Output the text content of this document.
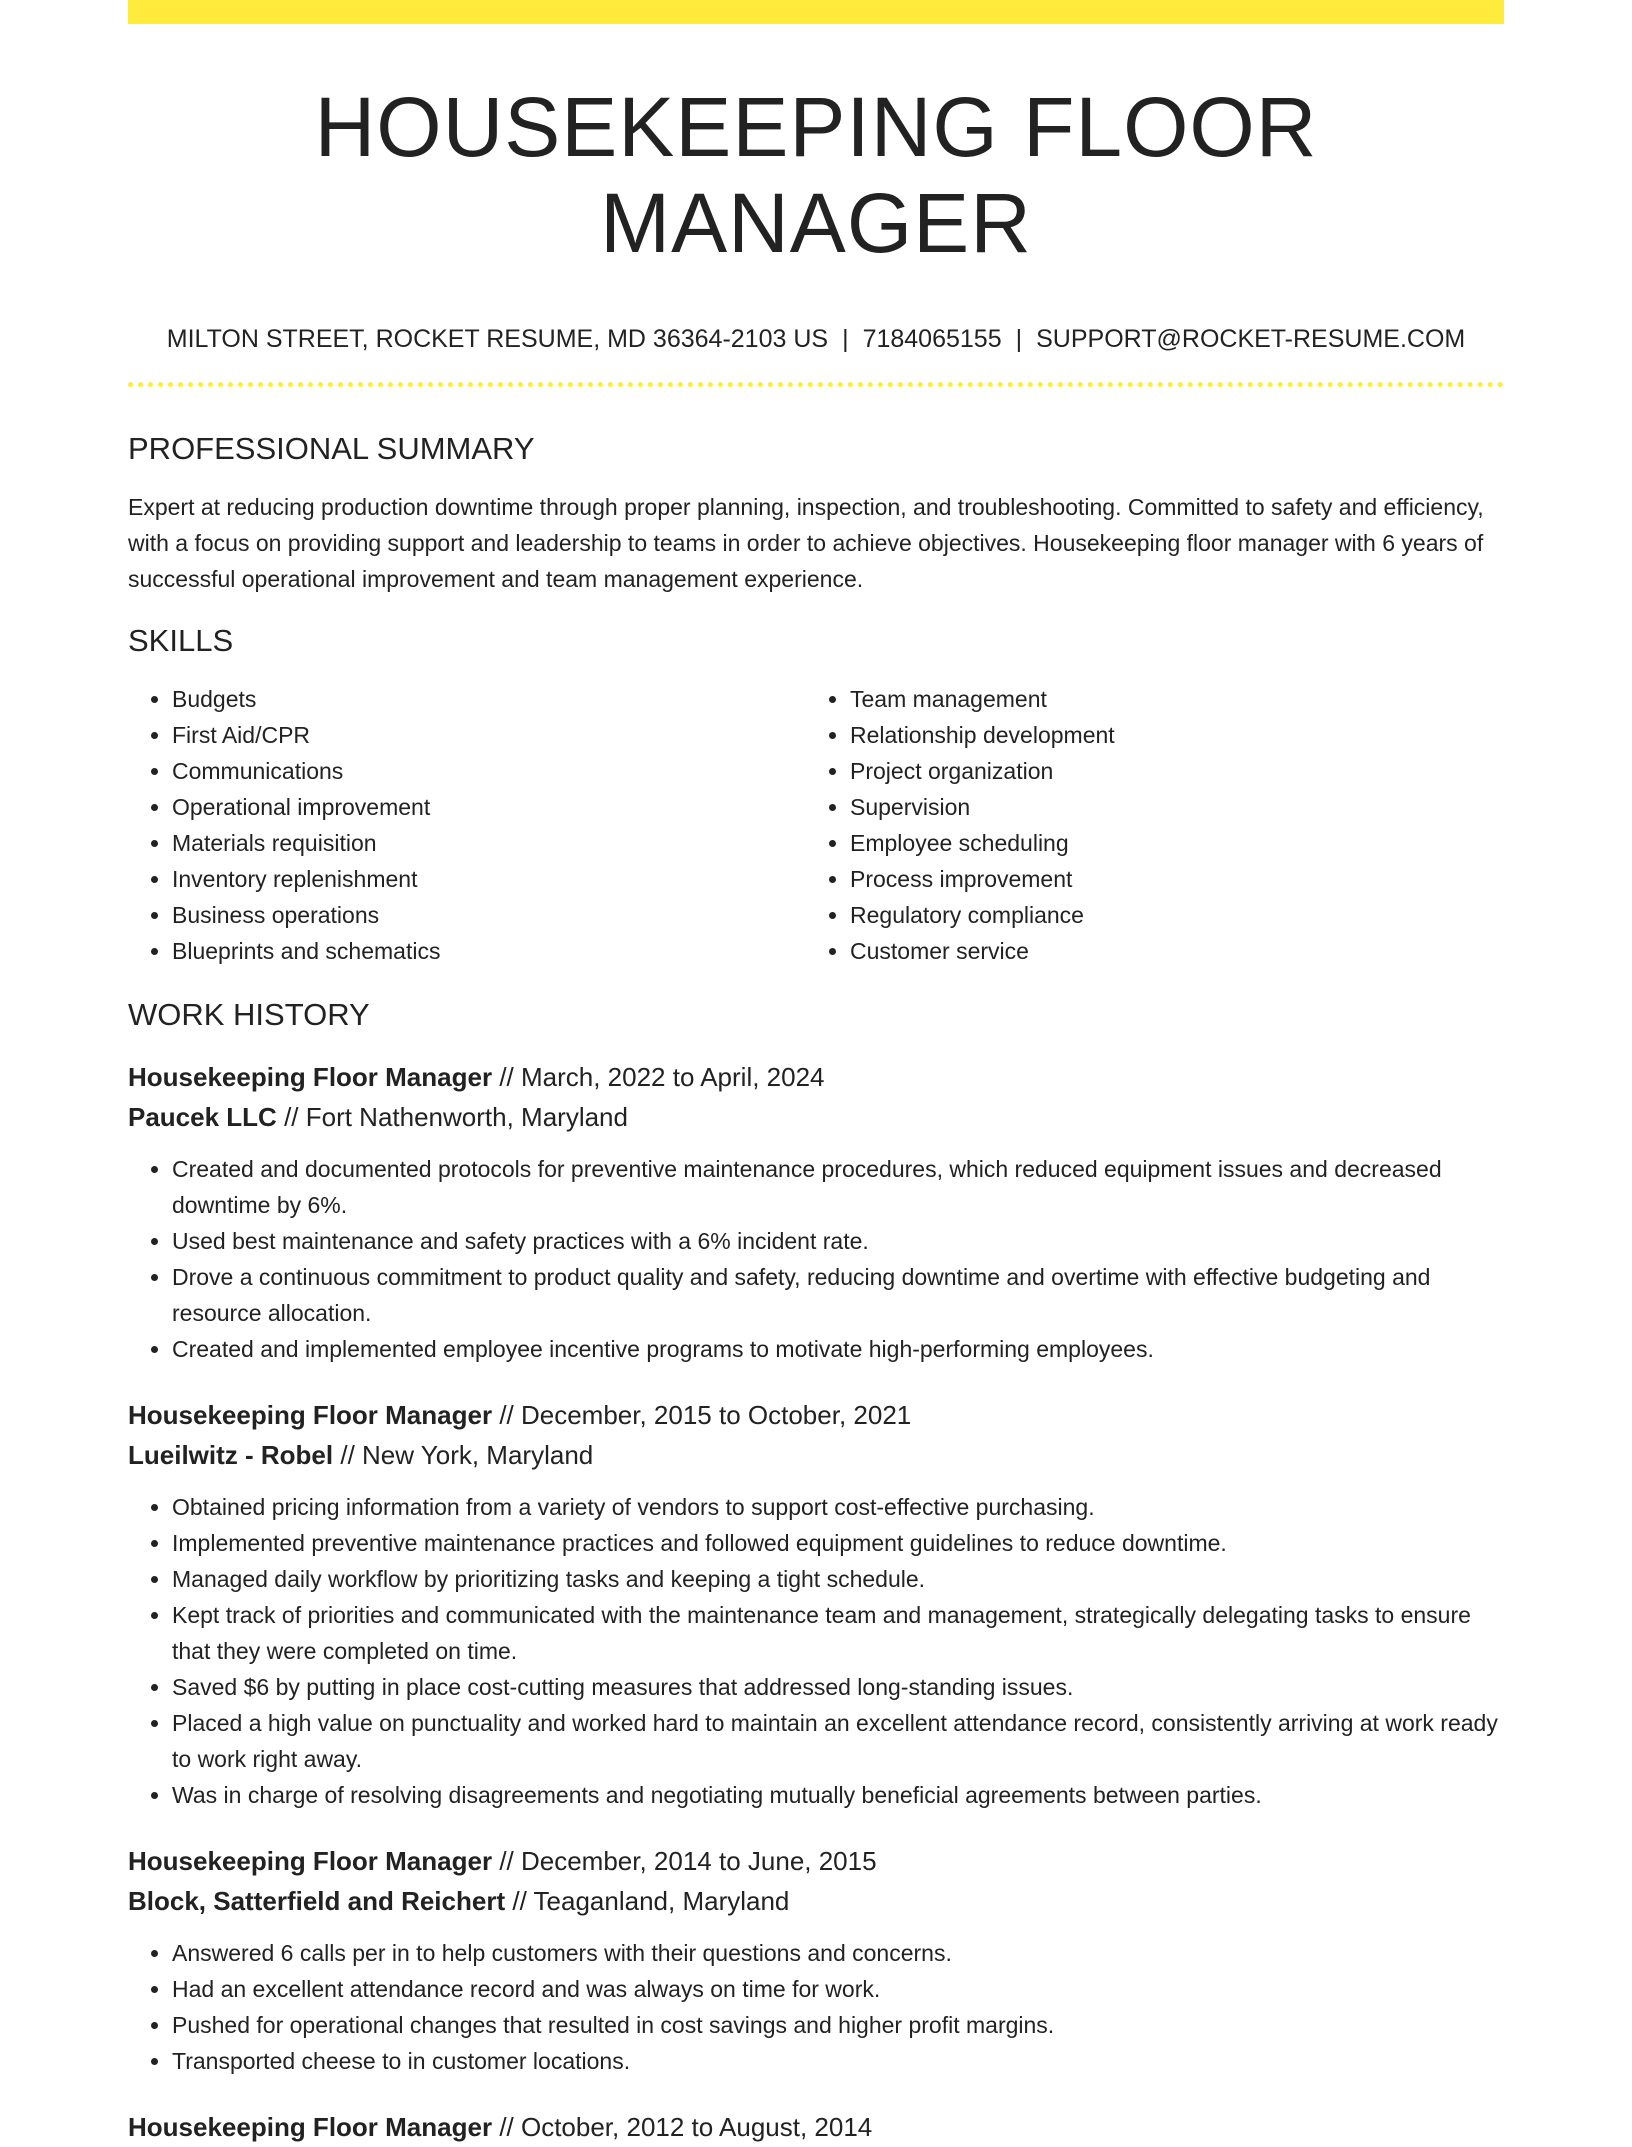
HOUSEKEEPING FLOOR MANAGER
MILTON STREET, ROCKET RESUME, MD 36364-2103 US | 7184065155 | SUPPORT@ROCKET-RESUME.COM
PROFESSIONAL SUMMARY
Expert at reducing production downtime through proper planning, inspection, and troubleshooting. Committed to safety and efficiency, with a focus on providing support and leadership to teams in order to achieve objectives. Housekeeping floor manager with 6 years of successful operational improvement and team management experience.
SKILLS
• Budgets
• First Aid/CPR
• Communications
• Operational improvement
• Materials requisition
• Inventory replenishment
• Business operations
• Blueprints and schematics
• Team management
• Relationship development
• Project organization
• Supervision
• Employee scheduling
• Process improvement
• Regulatory compliance
• Customer service
WORK HISTORY
Housekeeping Floor Manager // March, 2022 to April, 2024
Paucek LLC // Fort Nathenworth, Maryland
• Created and documented protocols for preventive maintenance procedures, which reduced equipment issues and decreased downtime by 6%.
• Used best maintenance and safety practices with a 6% incident rate.
• Drove a continuous commitment to product quality and safety, reducing downtime and overtime with effective budgeting and resource allocation.
• Created and implemented employee incentive programs to motivate high-performing employees.
Housekeeping Floor Manager // December, 2015 to October, 2021
Lueilwitz - Robel // New York, Maryland
• Obtained pricing information from a variety of vendors to support cost-effective purchasing.
• Implemented preventive maintenance practices and followed equipment guidelines to reduce downtime.
• Managed daily workflow by prioritizing tasks and keeping a tight schedule.
• Kept track of priorities and communicated with the maintenance team and management, strategically delegating tasks to ensure that they were completed on time.
• Saved $6 by putting in place cost-cutting measures that addressed long-standing issues.
• Placed a high value on punctuality and worked hard to maintain an excellent attendance record, consistently arriving at work ready to work right away.
• Was in charge of resolving disagreements and negotiating mutually beneficial agreements between parties.
Housekeeping Floor Manager // December, 2014 to June, 2015
Block, Satterfield and Reichert // Teaganland, Maryland
• Answered 6 calls per in to help customers with their questions and concerns.
• Had an excellent attendance record and was always on time for work.
• Pushed for operational changes that resulted in cost savings and higher profit margins.
• Transported cheese to in customer locations.
Housekeeping Floor Manager // October, 2012 to August, 2014
